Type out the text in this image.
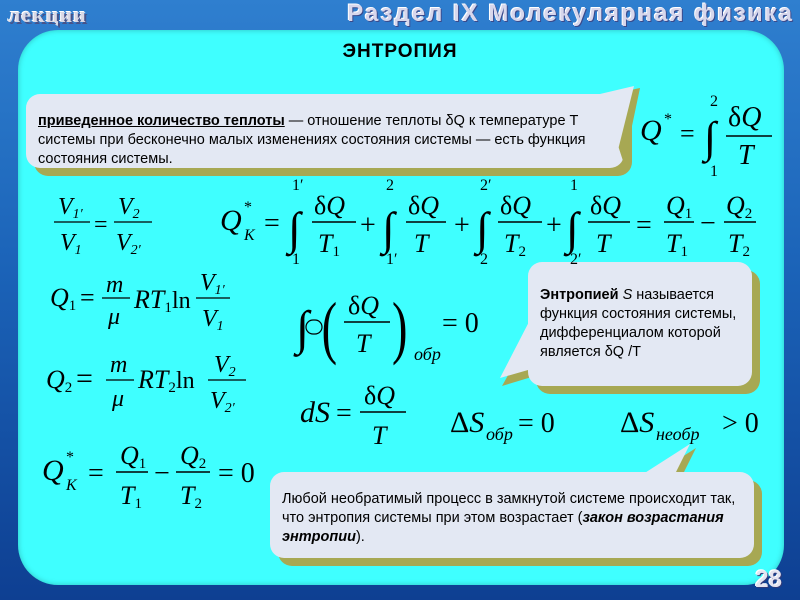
лекции	Раздел IX Молекулярная физика
ЭНТРОПИЯ
приведенное количество теплоты — отношение теплоты δQ к температуре Т системы при бесконечно малых изменениях состояния системы — есть функция состояния системы.
Энтропией S называется функция состояния системы, дифференциалом которой является δQ /T
Любой необратимый процесс в замкнутой системе происходит так, что энтропия системы при этом возрастает (закон возрастания энтропии).
Q * = ∫
2
1
δQ
T
V1′
V1
=
V2
V2′
Q *
K = ∫
1′
1
δQ
T1
+ ∫
2
1′
δQ
T
+ ∫
2′
2
δQ
T2
+ ∫
1
2′
δQ
T
=
Q1
T1
−
Q2
T2
Q1 = m
μ
RT1 ln
V1′
V1
Q2 = m
μ
RT2 ln
V2
V2′
∫ ( δQ
T ) обр
= 0
dS =
δQ
T ΔS обр = 0 ΔS необр > 0
Q *
K =
Q1
T1
−
Q2
T2
= 0
28
